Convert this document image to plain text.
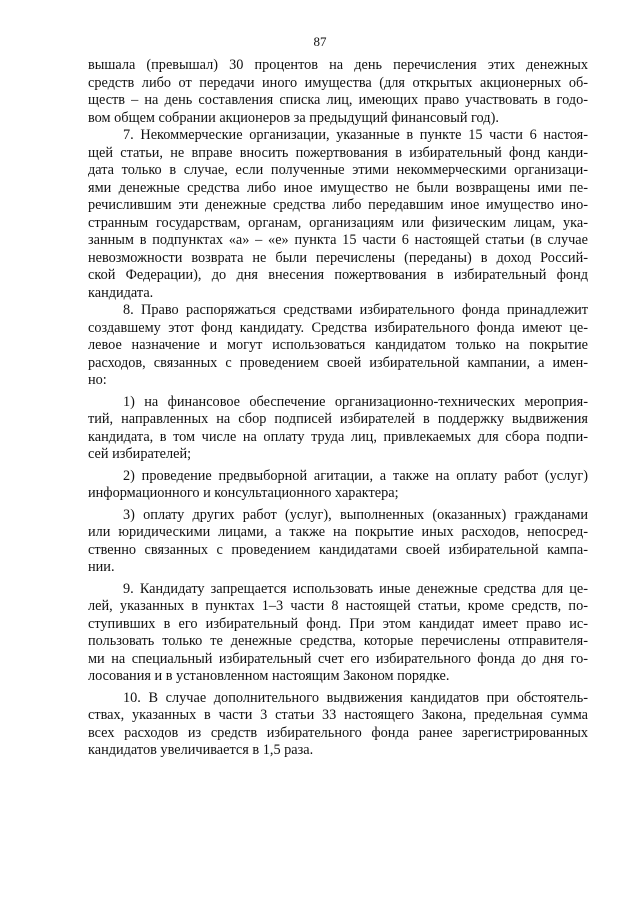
87
вышала (превышал) 30 процентов на день перечисления этих денежных
средств либо от передачи иного имущества (для открытых акционерных об-
ществ – на день составления списка лиц, имеющих право участвовать в годо-
вом общем собрании акционеров за предыдущий финансовый год).
7. Некоммерческие организации, указанные в пункте 15 части 6 настоя-
щей статьи, не вправе вносить пожертвования в избирательный фонд канди-
дата только в случае, если полученные этими некоммерческими организаци-
ями денежные средства либо иное имущество не были возвращены ими пе-
речислившим эти денежные средства либо передавшим иное имущество ино-
странным государствам, органам, организациям или физическим лицам, ука-
занным в подпунктах «а» – «е» пункта 15 части 6 настоящей статьи (в случае
невозможности возврата не были перечислены (переданы) в доход Россий-
ской Федерации), до дня внесения пожертвования в избирательный фонд
кандидата.
8. Право распоряжаться средствами избирательного фонда принадлежит
создавшему этот фонд кандидату. Средства избирательного фонда имеют це-
левое назначение и могут использоваться кандидатом только на покрытие
расходов, связанных с проведением своей избирательной кампании, а имен-
но:
1) на финансовое обеспечение организационно-технических мероприя-
тий, направленных на сбор подписей избирателей в поддержку выдвижения
кандидата, в том числе на оплату труда лиц, привлекаемых для сбора подпи-
сей избирателей;
2) проведение предвыборной агитации, а также на оплату работ (услуг)
информационного и консультационного характера;
3) оплату других работ (услуг), выполненных (оказанных) гражданами
или юридическими лицами, а также на покрытие иных расходов, непосред-
ственно связанных с проведением кандидатами своей избирательной кампа-
нии.
9. Кандидату запрещается использовать иные денежные средства для це-
лей, указанных в пунктах 1–3 части 8 настоящей статьи, кроме средств, по-
ступивших в его избирательный фонд. При этом кандидат имеет право ис-
пользовать только те денежные средства, которые перечислены отправителя-
ми на специальный избирательный счет его избирательного фонда до дня го-
лосования и в установленном настоящим Законом порядке.
10. В случае дополнительного выдвижения кандидатов при обстоятель-
ствах, указанных в части 3 статьи 33 настоящего Закона, предельная сумма
всех расходов из средств избирательного фонда ранее зарегистрированных
кандидатов увеличивается в 1,5 раза.
